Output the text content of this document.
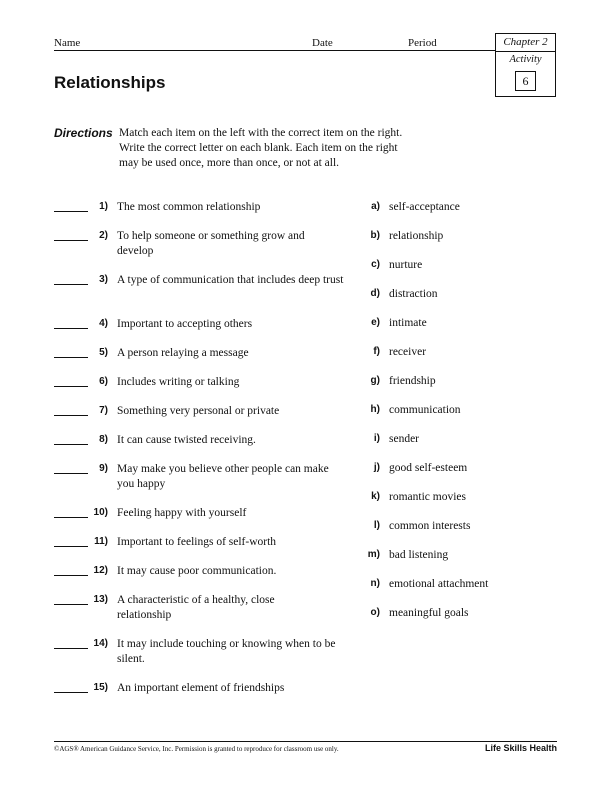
Name	Date	Period	Chapter 2
Activity
6
Relationships
Directions Match each item on the left with the correct item on the right. Write the correct letter on each blank. Each item on the right may be used once, more than once, or not at all.
1) The most common relationship
2) To help someone or something grow and develop
3) A type of communication that includes deep trust
4) Important to accepting others
5) A person relaying a message
6) Includes writing or talking
7) Something very personal or private
8) It can cause twisted receiving.
9) May make you believe other people can make you happy
10) Feeling happy with yourself
11) Important to feelings of self-worth
12) It may cause poor communication.
13) A characteristic of a healthy, close relationship
14) It may include touching or knowing when to be silent.
15) An important element of friendships
a) self-acceptance
b) relationship
c) nurture
d) distraction
e) intimate
f) receiver
g) friendship
h) communication
i) sender
j) good self-esteem
k) romantic movies
l) common interests
m) bad listening
n) emotional attachment
o) meaningful goals
©AGS® American Guidance Service, Inc. Permission is granted to reproduce for classroom use only.	Life Skills Health
